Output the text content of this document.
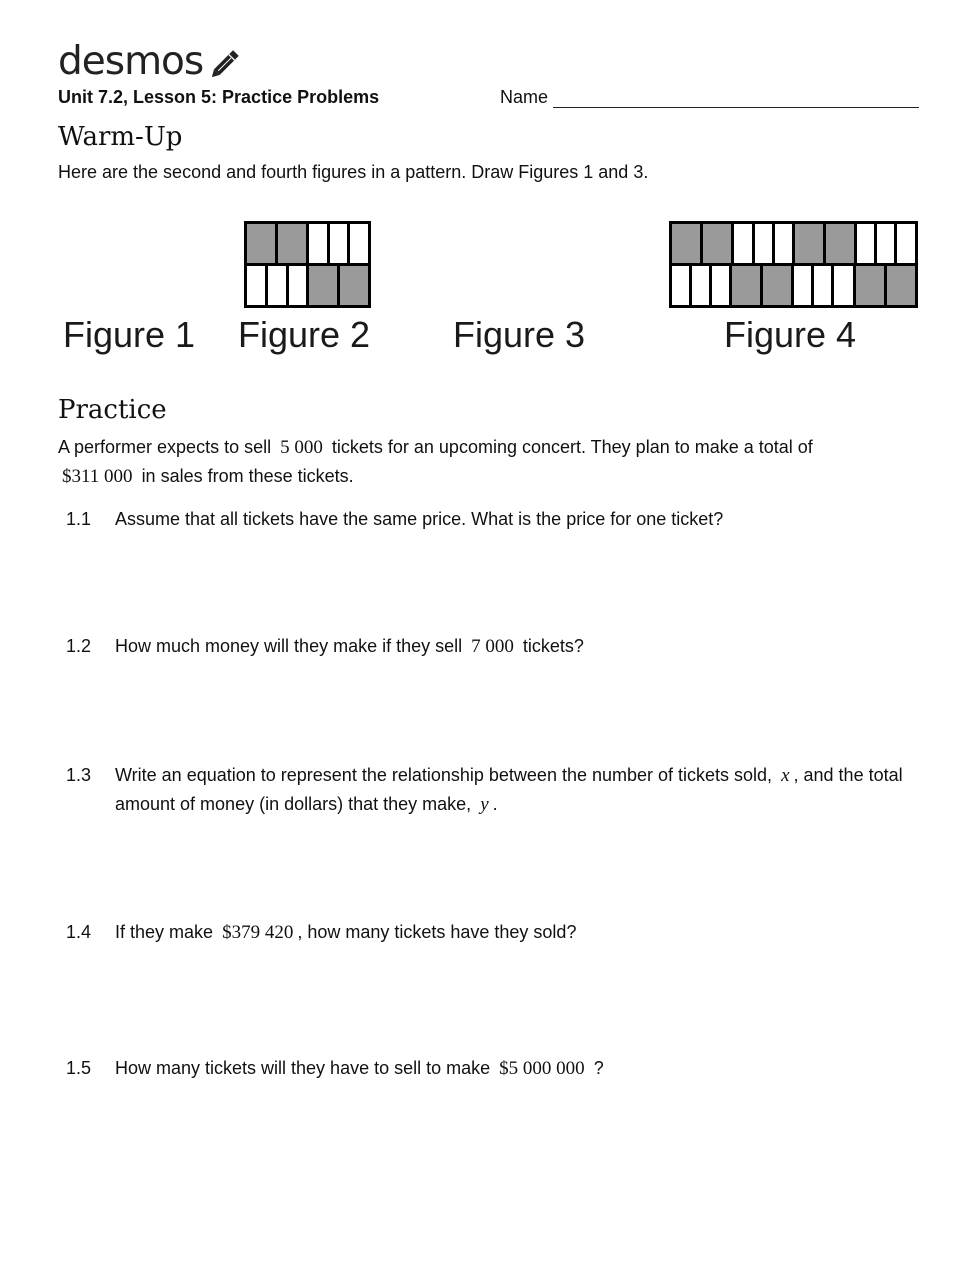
desmos
Unit 7.2, Lesson 5: Practice Problems	Name
Warm-Up
Here are the second and fourth figures in a pattern. Draw Figures 1 and 3.
Figure 1 Figure 2 Figure 3	Figure 4
Practice
A performer expects to sell 5 000 tickets for an upcoming concert. They plan to make a total of
$311 000 in sales from these tickets.
1.1	Assume that all tickets have the same price. What is the price for one ticket?
1.2	How much money will they make if they sell 7 000 tickets?
1.3	Write an equation to represent the relationship between the number of tickets sold, x , and the total amount of money (in dollars) that they make, y .
1.4	If they make $379 420 , how many tickets have they sold?
1.5	How many tickets will they have to sell to make $5 000 000 ?
